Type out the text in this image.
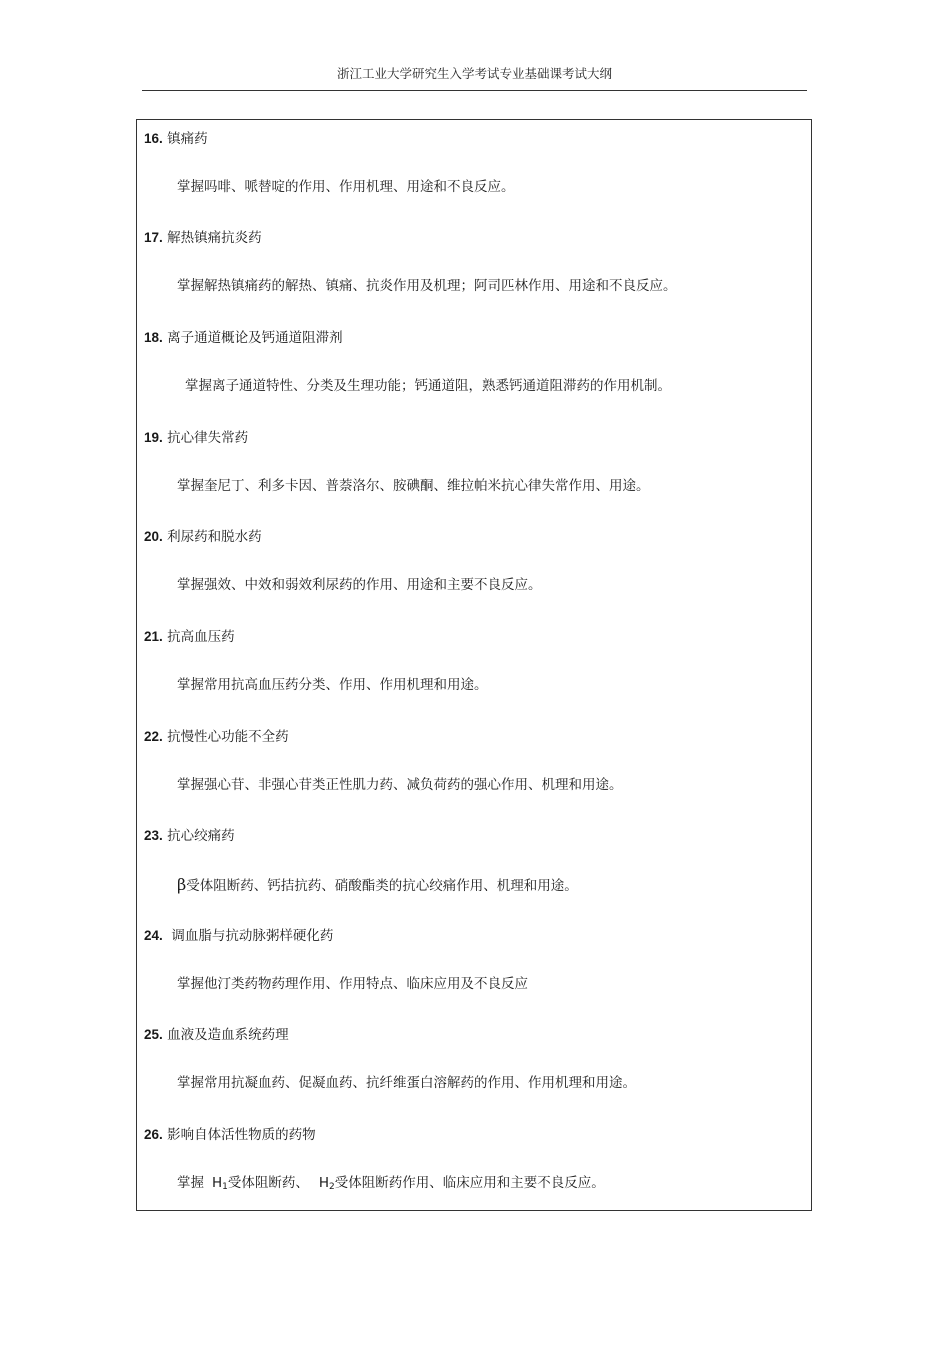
浙江工业大学研究生入学考试专业基础课考试大纲
16. 镇痛药
掌握吗啡、哌替啶的作用、作用机理、用途和不良反应。
17. 解热镇痛抗炎药
掌握解热镇痛药的解热、镇痛、抗炎作用及机理；阿司匹林作用、用途和不良反应。
18. 离子通道概论及钙通道阻滞剂
掌握离子通道特性、分类及生理功能；钙通道阻，熟悉钙通道阻滞药的作用机制。
19. 抗心律失常药
掌握奎尼丁、利多卡因、普萘洛尔、胺碘酮、维拉帕米抗心律失常作用、用途。
20. 利尿药和脱水药
掌握强效、中效和弱效利尿药的作用、用途和主要不良反应。
21. 抗高血压药
掌握常用抗高血压药分类、作用、作用机理和用途。
22. 抗慢性心功能不全药
掌握强心苷、非强心苷类正性肌力药、减负荷药的强心作用、机理和用途。
23. 抗心绞痛药
β受体阻断药、钙拮抗药、硝酸酯类的抗心绞痛作用、机理和用途。
24. 调血脂与抗动脉粥样硬化药
掌握他汀类药物药理作用、作用特点、临床应用及不良反应
25. 血液及造血系统药理
掌握常用抗凝血药、促凝血药、抗纤维蛋白溶解药的作用、作用机理和用途。
26. 影响自体活性物质的药物
掌握 $H_1$受体阻断药、 $H_2$受体阻断药作用、临床应用和主要不良反应。
